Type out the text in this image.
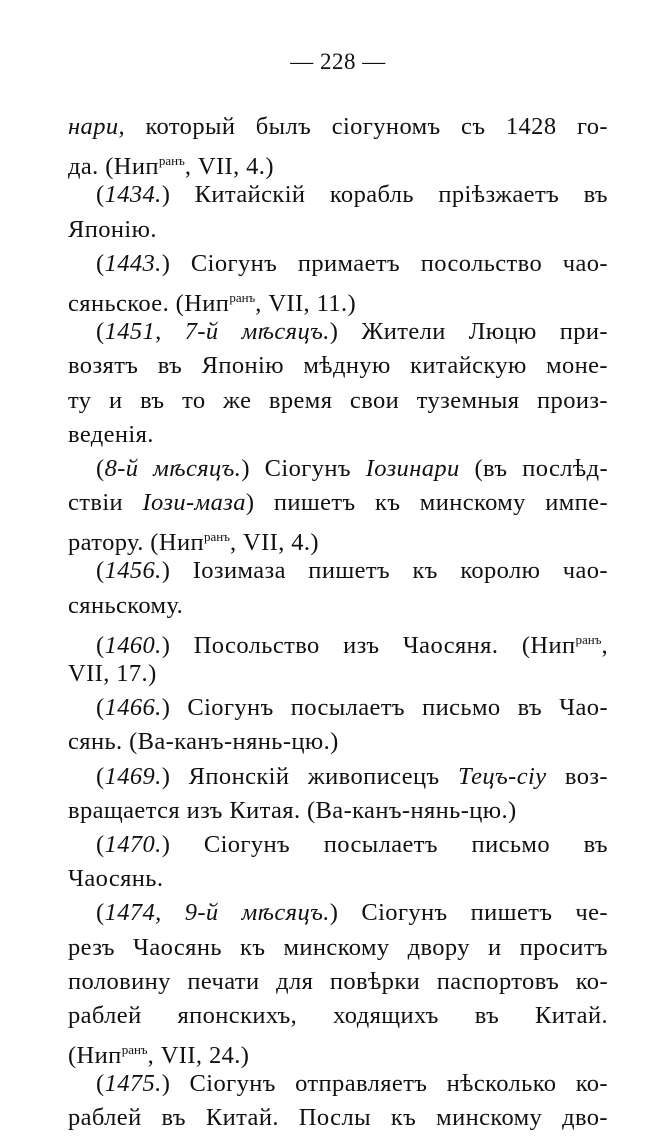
— 228 —
нари, который былъ сіогуномъ съ 1428 го-
да. (Нип$^{ранъ}$, VII, 4.)
(1434.) Китайскій корабль пріѣзжаетъ въ
Японію.
(1443.) Сіогунъ примаетъ посольство чао-
сяньское. (Нип$^{ранъ}$, VII, 11.)
(1451, 7-й мѣсяцъ.) Жители Люцю при-
возятъ въ Японію мѣдную китайскую моне-
ту и въ то же время свои туземныя произ-
веденія.
(8-й мѣсяцъ.) Сіогунъ Іозинари (въ послѣд-
ствіи Іози-маза) пишетъ къ минскому импе-
ратору. (Нип$^{ранъ}$, VII, 4.)
(1456.) Іозимаза пишетъ къ королю чао-
сяньскому.
(1460.) Посольство изъ Чаосяня. (Нип$^{ранъ}$,
VII, 17.)
(1466.) Сіогунъ посылаетъ письмо въ Чао-
сянь. (Ва-канъ-нянь-цю.)
(1469.) Японскій живописецъ Тецъ-сіу воз-
вращается изъ Китая. (Ва-канъ-нянь-цю.)
(1470.) Сіогунъ посылаетъ письмо въ
Чаосянь.
(1474, 9-й мѣсяцъ.) Сіогунъ пишетъ че-
резъ Чаосянь къ минскому двору и проситъ
половину печати для повѣрки паспортовъ ко-
раблей японскихъ, ходящихъ въ Китай.
(Нип$^{ранъ}$, VII, 24.)
(1475.) Сіогунъ отправляетъ нѣсколько ко-
раблей въ Китай. Послы къ минскому дво-
